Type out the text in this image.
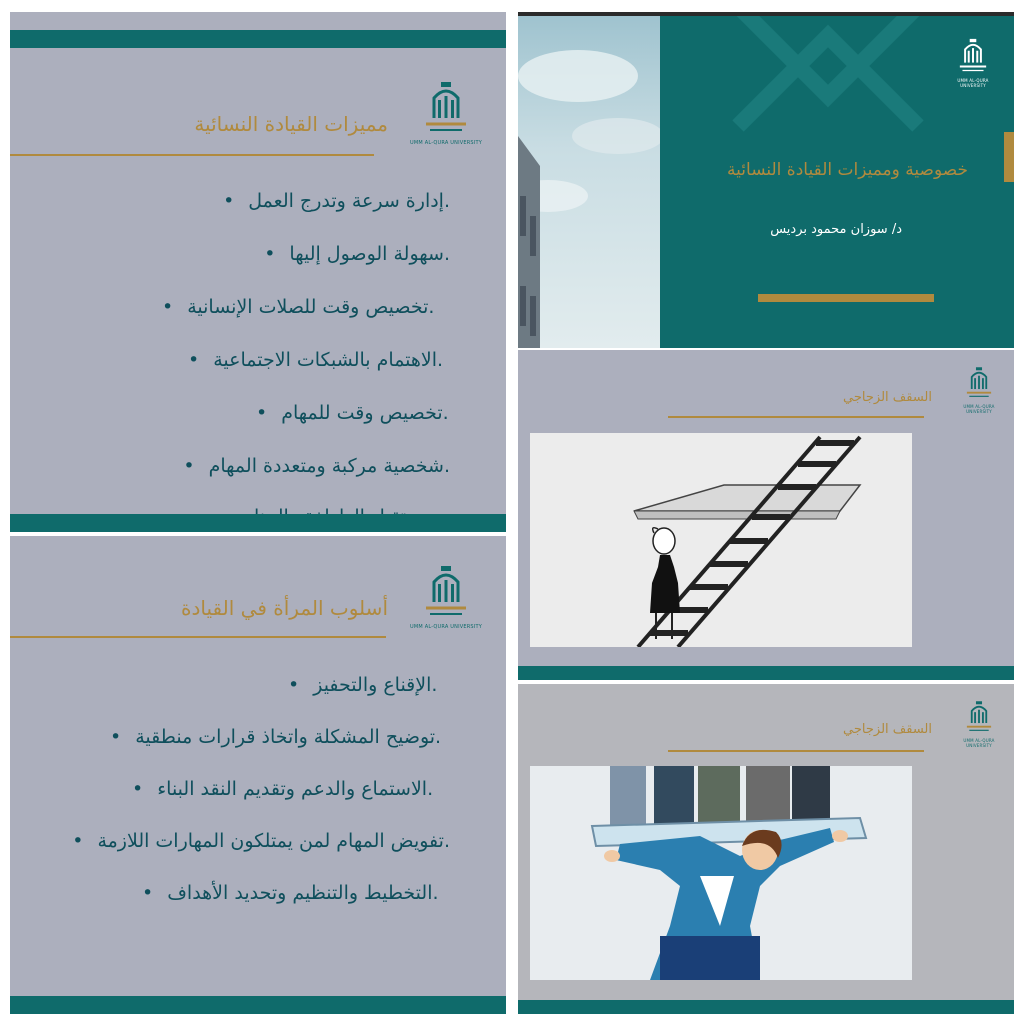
UMM AL-QURA UNIVERSITY
مميزات القيادة النسائية
.إدارة سرعة وتدرج العمل•
.سهولة الوصول إليها•
.تخصيص وقت للصلات الإنسانية•
.الاهتمام بالشبكات الاجتماعية•
.تخصيص وقت للمهام•
.شخصية مركبة ومتعددة المهام•
UMM AL-QURA UNIVERSITY
أسلوب المرأة في القيادة
.الإقناع والتحفيز•
.توضيح المشكلة واتخاذ قرارات منطقية•
.الاستماع والدعم وتقديم النقد البناء•
.تفويض المهام لمن يمتلكون المهارات اللازمة•
.التخطيط والتنظيم وتحديد الأهداف•
UMM AL-QURA UNIVERSITY
خصوصية ومميزات القيادة النسائية
د/ سوزان محمود برديس
UMM AL-QURA UNIVERSITY
السقف الزجاجي
UMM AL-QURA UNIVERSITY
السقف الزجاجي
